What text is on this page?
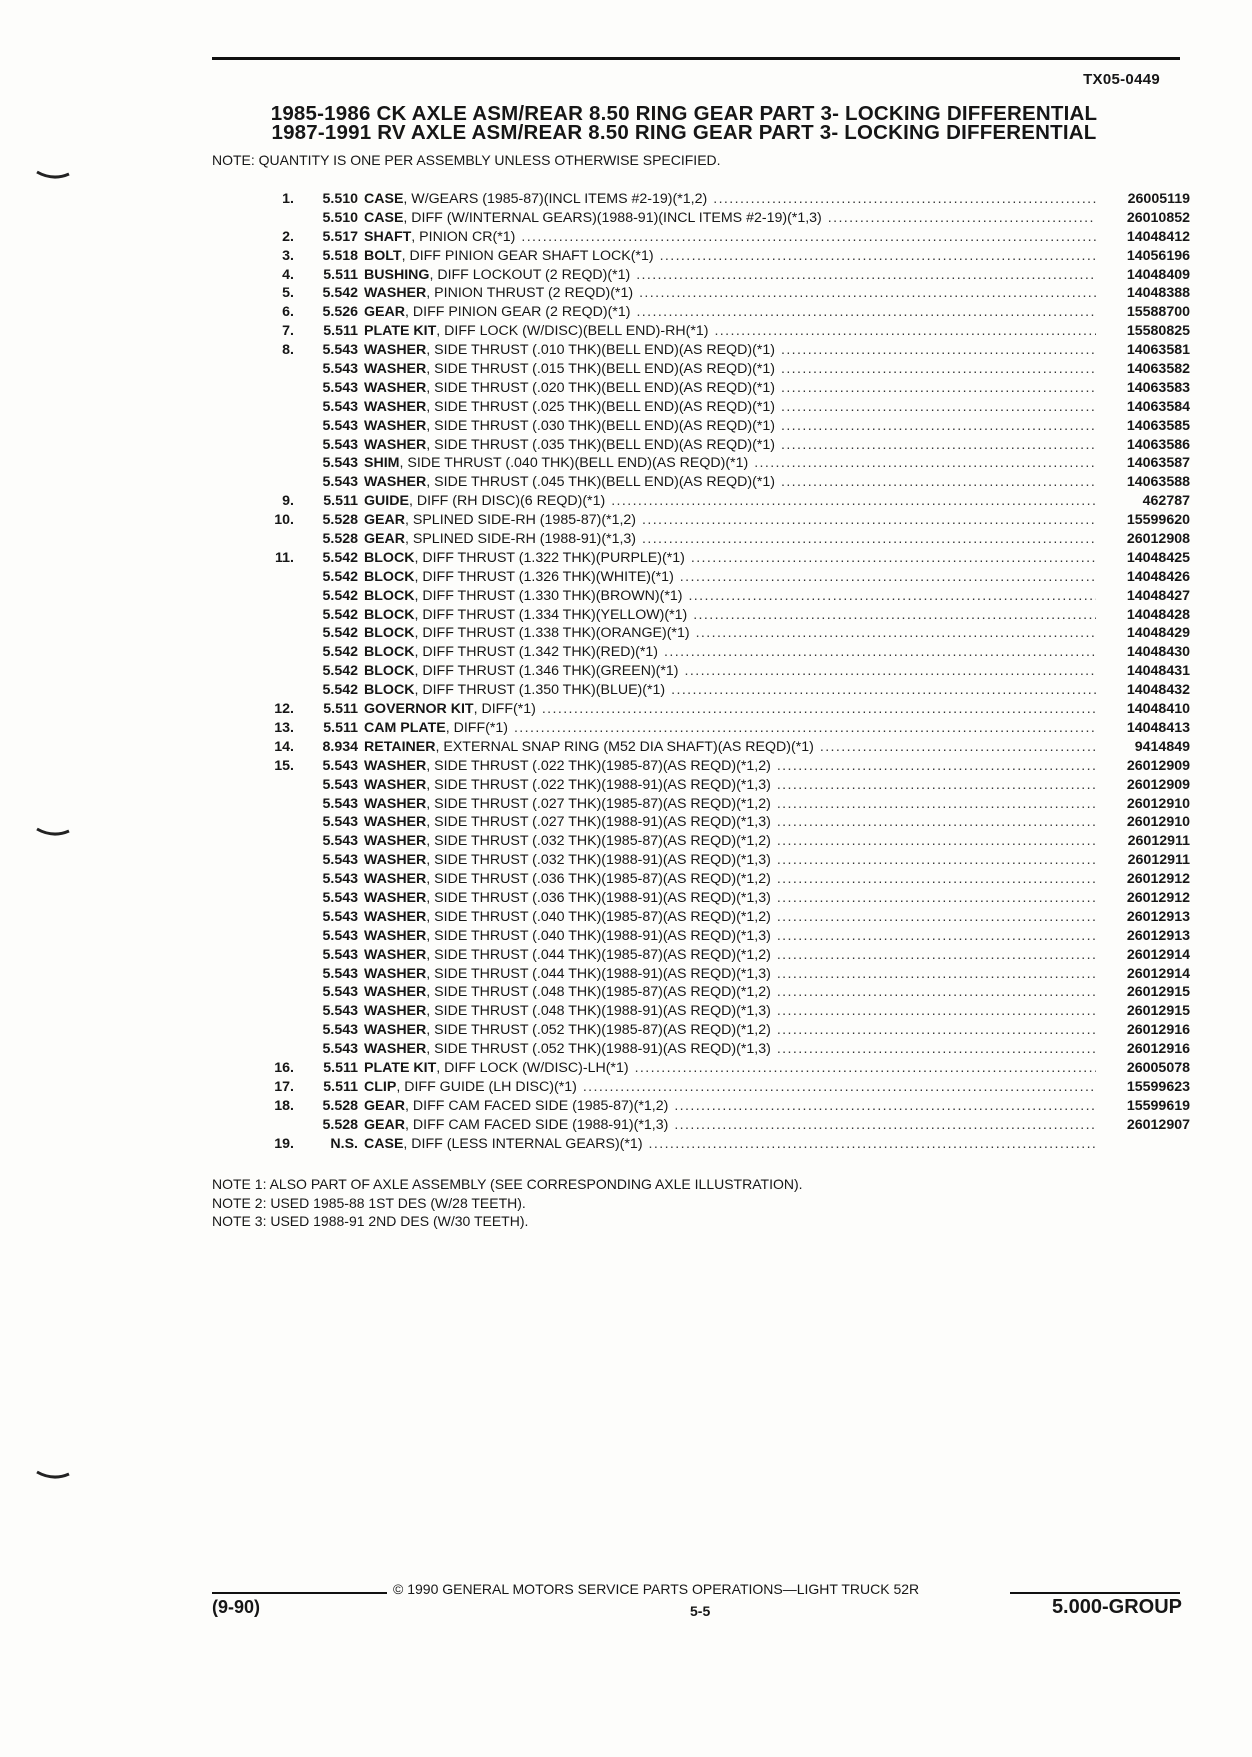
TX05-0449
1985-1986 CK AXLE ASM/REAR 8.50 RING GEAR PART 3- LOCKING DIFFERENTIAL
1987-1991 RV AXLE ASM/REAR 8.50 RING GEAR PART 3- LOCKING DIFFERENTIAL
NOTE: QUANTITY IS ONE PER ASSEMBLY UNLESS OTHERWISE SPECIFIED.
1.	5.510 CASE , W/GEARS (1985-87)(INCL ITEMS #2-19)(*1,2) .....	26005119
5.510 CASE , DIFF (W/INTERNAL GEARS)(1988-91)(INCL ITEMS #2-19)(*1,3) .....	26010852
2.	5.517 SHAFT , PINION CR(*1) .....	14048412
3.	5.518 BOLT , DIFF PINION GEAR SHAFT LOCK(*1) .....	14056196
4.	5.511 BUSHING , DIFF LOCKOUT (2 REQD)(*1) .....	14048409
5.	5.542 WASHER , PINION THRUST (2 REQD)(*1) .....	14048388
6.	5.526 GEAR , DIFF PINION GEAR (2 REQD)(*1) .....	15588700
7.	5.511 PLATE KIT , DIFF LOCK (W/DISC)(BELL END)-RH(*1) .....	15580825
8.	5.543 WASHER , SIDE THRUST (.010 THK)(BELL END)(AS REQD)(*1) .....	14063581
5.543 WASHER , SIDE THRUST (.015 THK)(BELL END)(AS REQD)(*1) .....	14063582
5.543 WASHER , SIDE THRUST (.020 THK)(BELL END)(AS REQD)(*1) .....	14063583
5.543 WASHER , SIDE THRUST (.025 THK)(BELL END)(AS REQD)(*1) .....	14063584
5.543 WASHER , SIDE THRUST (.030 THK)(BELL END)(AS REQD)(*1) .....	14063585
5.543 WASHER , SIDE THRUST (.035 THK)(BELL END)(AS REQD)(*1) .....	14063586
5.543 SHIM , SIDE THRUST (.040 THK)(BELL END)(AS REQD)(*1) .....	14063587
5.543 WASHER , SIDE THRUST (.045 THK)(BELL END)(AS REQD)(*1) .....	14063588
9.	5.511 GUIDE , DIFF (RH DISC)(6 REQD)(*1) .....	462787
10.	5.528 GEAR , SPLINED SIDE-RH (1985-87)(*1,2) .....	15599620
5.528 GEAR , SPLINED SIDE-RH (1988-91)(*1,3) .....	26012908
11.	5.542 BLOCK , DIFF THRUST (1.322 THK)(PURPLE)(*1) .....	14048425
5.542 BLOCK , DIFF THRUST (1.326 THK)(WHITE)(*1) .....	14048426
5.542 BLOCK , DIFF THRUST (1.330 THK)(BROWN)(*1) .....	14048427
5.542 BLOCK , DIFF THRUST (1.334 THK)(YELLOW)(*1) .....	14048428
5.542 BLOCK , DIFF THRUST (1.338 THK)(ORANGE)(*1) .....	14048429
5.542 BLOCK , DIFF THRUST (1.342 THK)(RED)(*1) .....	14048430
5.542 BLOCK , DIFF THRUST (1.346 THK)(GREEN)(*1) .....	14048431
5.542 BLOCK , DIFF THRUST (1.350 THK)(BLUE)(*1) .....	14048432
12.	5.511 GOVERNOR KIT , DIFF(*1) .....	14048410
13.	5.511 CAM PLATE , DIFF(*1) .....	14048413
14.	8.934 RETAINER , EXTERNAL SNAP RING (M52 DIA SHAFT)(AS REQD)(*1) .....	9414849
15.	5.543 WASHER , SIDE THRUST (.022 THK)(1985-87)(AS REQD)(*1,2) .....	26012909
5.543 WASHER , SIDE THRUST (.022 THK)(1988-91)(AS REQD)(*1,3) .....	26012909
5.543 WASHER , SIDE THRUST (.027 THK)(1985-87)(AS REQD)(*1,2) .....	26012910
5.543 WASHER , SIDE THRUST (.027 THK)(1988-91)(AS REQD)(*1,3) .....	26012910
5.543 WASHER , SIDE THRUST (.032 THK)(1985-87)(AS REQD)(*1,2) .....	26012911
5.543 WASHER , SIDE THRUST (.032 THK)(1988-91)(AS REQD)(*1,3) .....	26012911
5.543 WASHER , SIDE THRUST (.036 THK)(1985-87)(AS REQD)(*1,2) .....	26012912
5.543 WASHER , SIDE THRUST (.036 THK)(1988-91)(AS REQD)(*1,3) .....	26012912
5.543 WASHER , SIDE THRUST (.040 THK)(1985-87)(AS REQD)(*1,2) .....	26012913
5.543 WASHER , SIDE THRUST (.040 THK)(1988-91)(AS REQD)(*1,3) .....	26012913
5.543 WASHER , SIDE THRUST (.044 THK)(1985-87)(AS REQD)(*1,2) .....	26012914
5.543 WASHER , SIDE THRUST (.044 THK)(1988-91)(AS REQD)(*1,3) .....	26012914
5.543 WASHER , SIDE THRUST (.048 THK)(1985-87)(AS REQD)(*1,2) .....	26012915
5.543 WASHER , SIDE THRUST (.048 THK)(1988-91)(AS REQD)(*1,3) .....	26012915
5.543 WASHER , SIDE THRUST (.052 THK)(1985-87)(AS REQD)(*1,2) .....	26012916
5.543 WASHER , SIDE THRUST (.052 THK)(1988-91)(AS REQD)(*1,3) .....	26012916
16.	5.511 PLATE KIT , DIFF LOCK (W/DISC)-LH(*1) .....	26005078
17.	5.511 CLIP , DIFF GUIDE (LH DISC)(*1) .....	15599623
18.	5.528 GEAR , DIFF CAM FACED SIDE (1985-87)(*1,2) .....	15599619
5.528 GEAR , DIFF CAM FACED SIDE (1988-91)(*1,3) .....	26012907
19.	N.S. CASE , DIFF (LESS INTERNAL GEARS)(*1)
.....
NOTE 1: ALSO PART OF AXLE ASSEMBLY (SEE CORRESPONDING AXLE ILLUSTRATION).
NOTE 2: USED 1985-88 1ST DES (W/28 TEETH).
NOTE 3: USED 1988-91 2ND DES (W/30 TEETH).
© 1990 GENERAL MOTORS SERVICE PARTS OPERATIONS—LIGHT TRUCK 52R
(9-90)	5-5	5.000-GROUP
